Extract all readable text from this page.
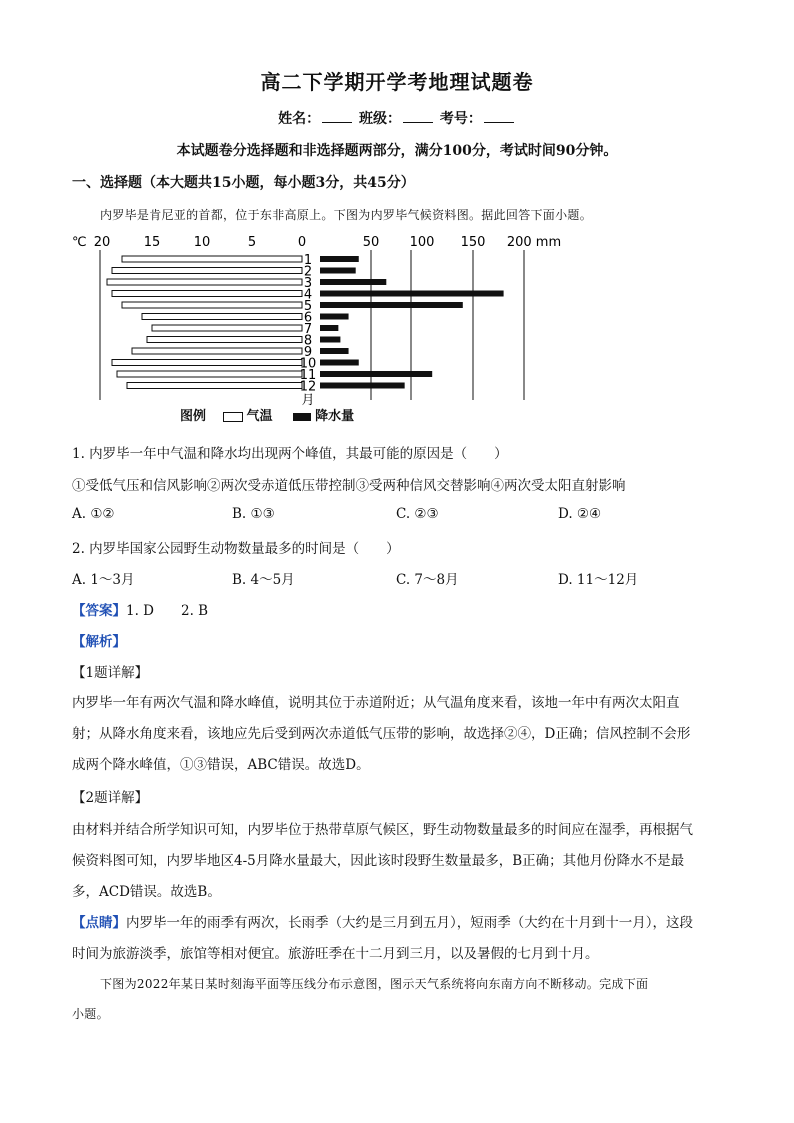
高二下学期开学考地理试题卷
姓名：	班级：	考号：
本试题卷分选择题和非选择题两部分，满分100分，考试时间90分钟。
一、选择题（本大题共15小题，每小题3分，共45分）
内罗毕是肯尼亚的首都，位于东非高原上。下图为内罗毕气候资料图。据此回答下面小题。
℃ 20	15	10	5	0	50 100 150 200 mm
1
2
3
4
5
6
7
8
9
10
11
12
月
图例	气温	降水量
1. 内罗毕一年中气温和降水均出现两个峰值，其最可能的原因是（　　）
①受低气压和信风影响②两次受赤道低压带控制③受两种信风交替影响④两次受太阳直射影响
A. ①②	B. ①③	C. ②③	D. ②④
2. 内罗毕国家公园野生动物数量最多的时间是（　　）
A. 1～3月	B. 4～5月	C. 7～8月	D. 11～12月
【答案】1. D　　2. B
【解析】
【1题详解】
内罗毕一年有两次气温和降水峰值，说明其位于赤道附近；从气温角度来看，该地一年中有两次太阳直
射；从降水角度来看，该地应先后受到两次赤道低气压带的影响，故选择②④，D正确；信风控制不会形
成两个降水峰值，①③错误，ABC错误。故选D。
【2题详解】
由材料并结合所学知识可知，内罗毕位于热带草原气候区，野生动物数量最多的时间应在湿季，再根据气
候资料图可知，内罗毕地区4-5月降水量最大，因此该时段野生数量最多，B正确；其他月份降水不是最
多，ACD错误。故选B。
【点睛】内罗毕一年的雨季有两次，长雨季（大约是三月到五月），短雨季（大约在十月到十一月），这段
时间为旅游淡季，旅馆等相对便宜。旅游旺季在十二月到三月，以及暑假的七月到十月。
下图为2022年某日某时刻海平面等压线分布示意图，图示天气系统将向东南方向不断移动。完成下面
小题。
